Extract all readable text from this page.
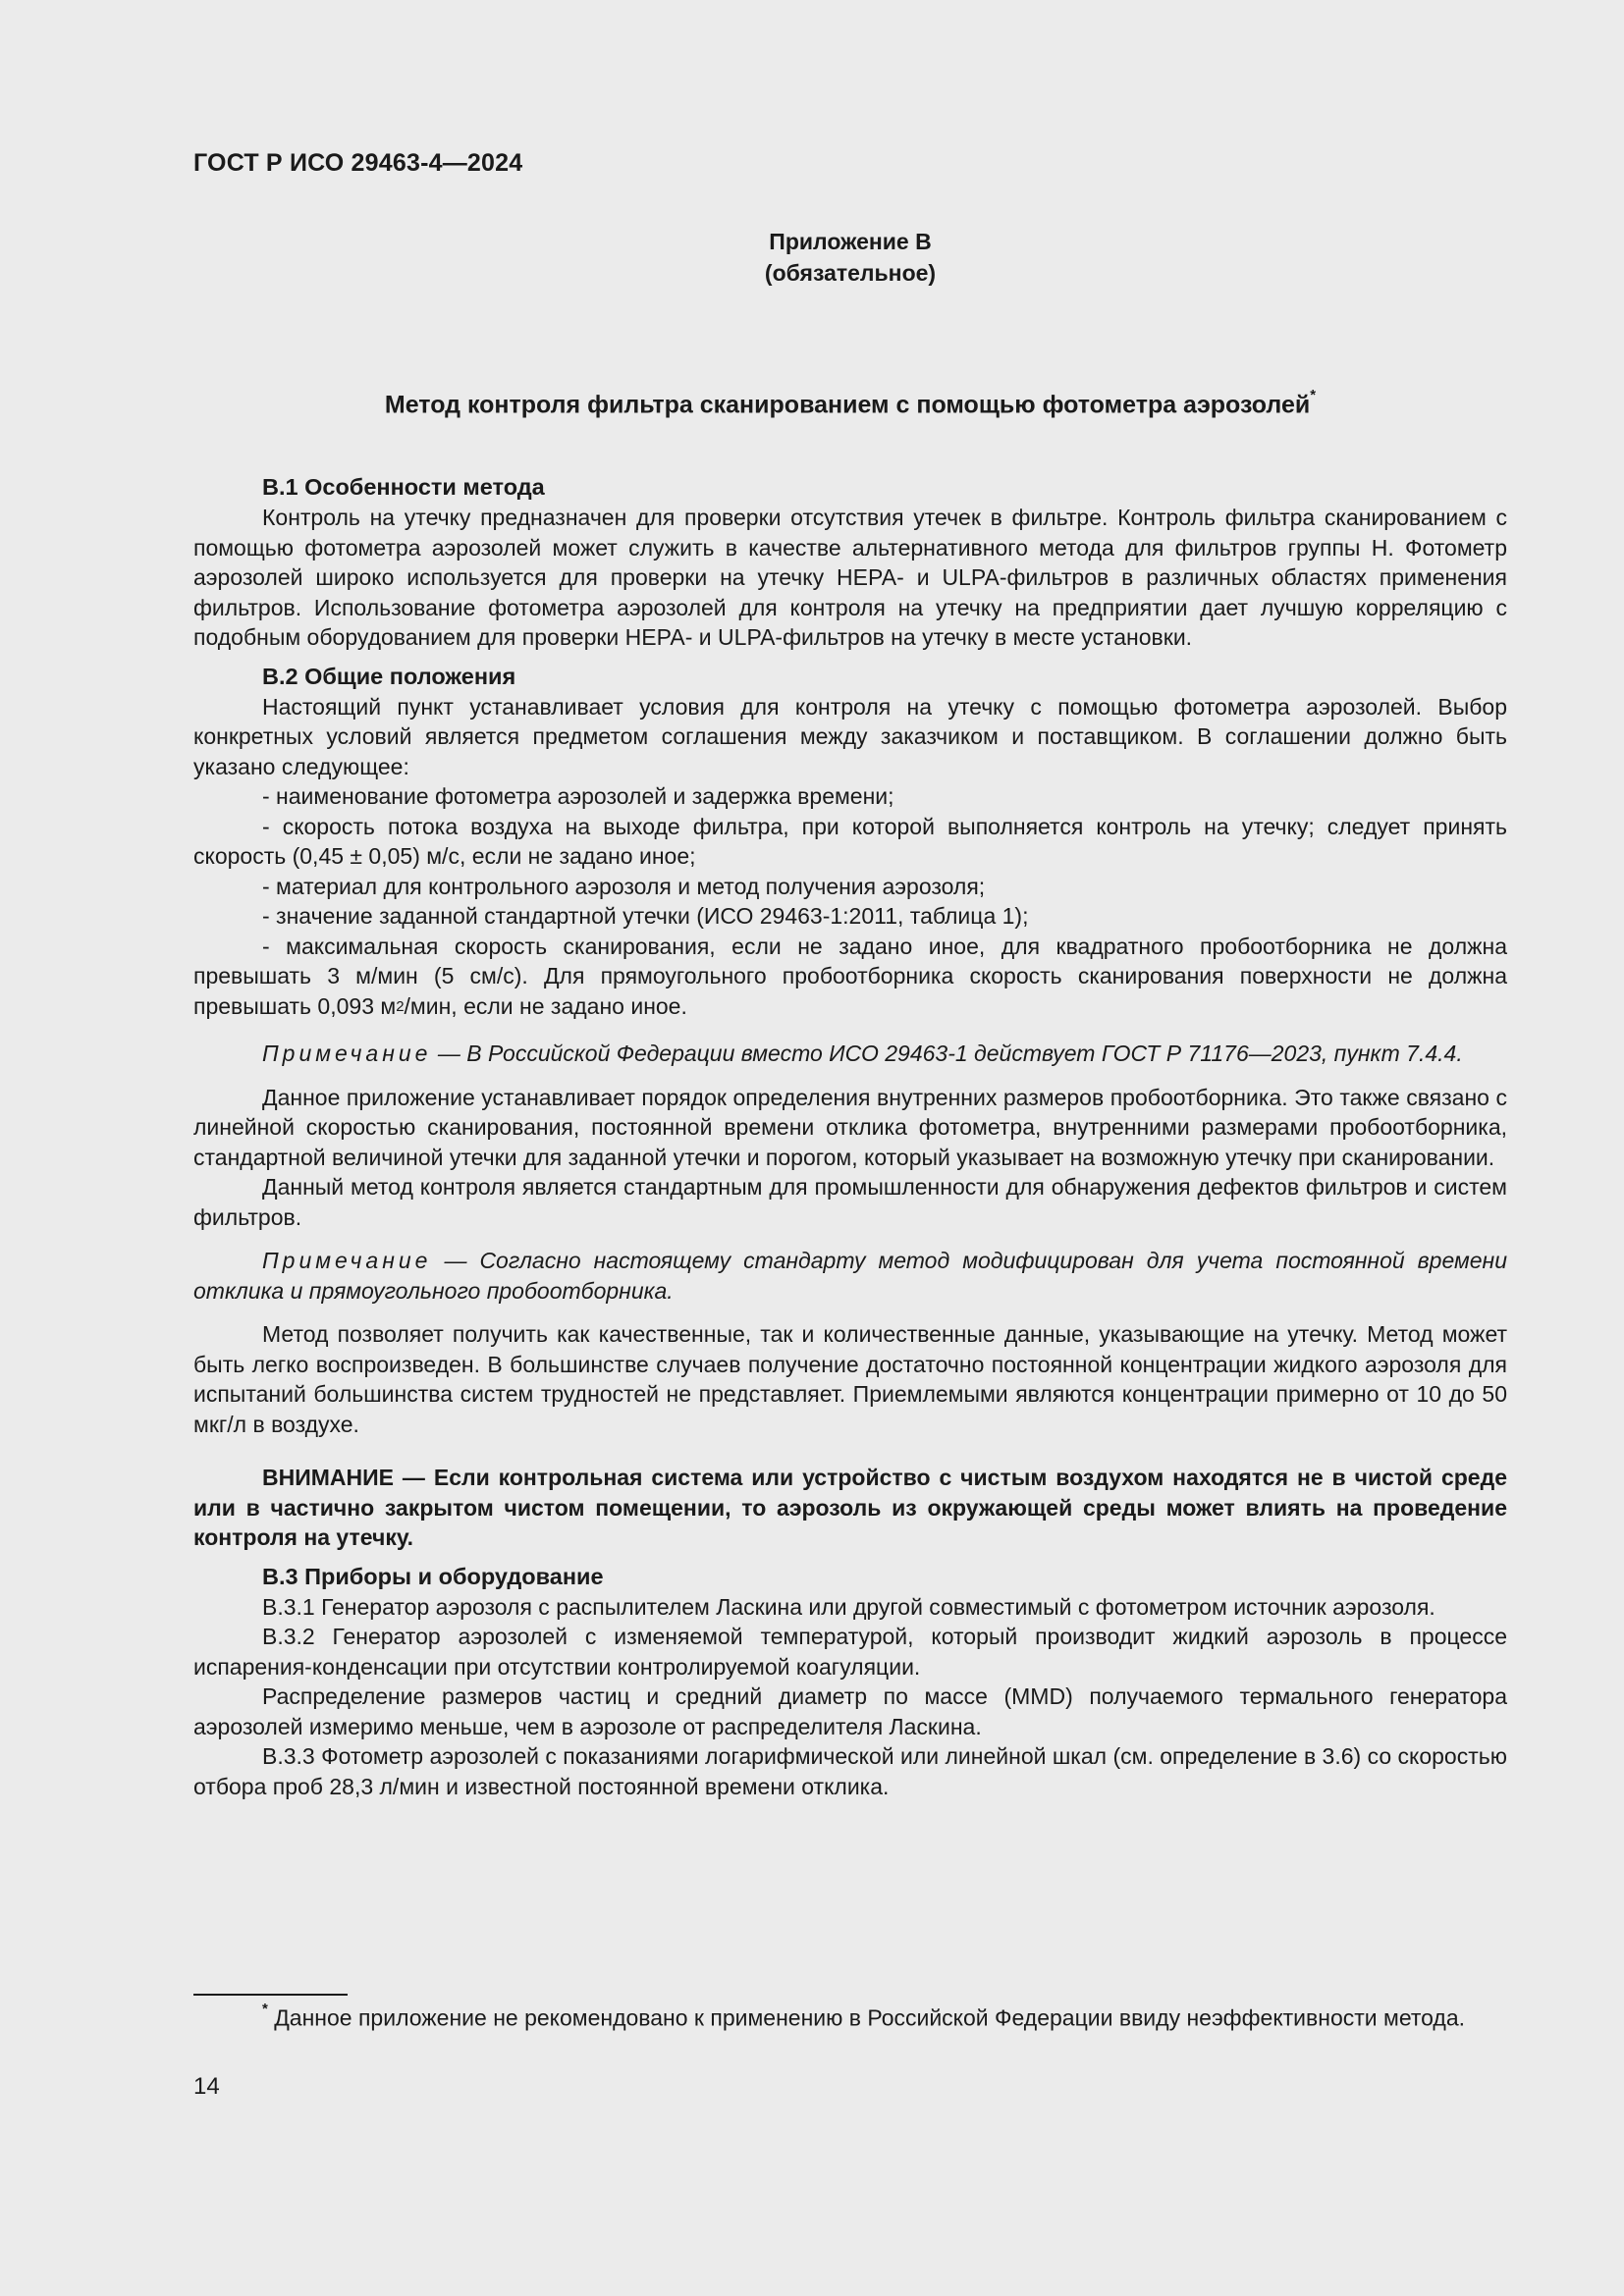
ГОСТ Р ИСО 29463-4—2024
Приложение В
(обязательное)
Метод контроля фильтра сканированием с помощью фотометра аэрозолей*
В.1 Особенности метода

Контроль на утечку предназначен для проверки отсутствия утечек в фильтре. Контроль фильтра сканированием с помощью фотометра аэрозолей может служить в качестве альтернативного метода для фильтров группы Н. Фотометр аэрозолей широко используется для проверки на утечку НЕРА- и ULPA-фильтров в различных областях применения фильтров. Использование фотометра аэрозолей для контроля на утечку на предприятии дает лучшую корреляцию с подобным оборудованием для проверки НЕРА- и ULPA-фильтров на утечку в месте установки.

В.2 Общие положения

Настоящий пункт устанавливает условия для контроля на утечку с помощью фотометра аэрозолей. Выбор конкретных условий является предметом соглашения между заказчиком и поставщиком. В соглашении должно быть указано следующее:

- наименование фотометра аэрозолей и задержка времени;

- скорость потока воздуха на выходе фильтра, при которой выполняется контроль на утечку; следует принять скорость (0,45 ± 0,05) м/с, если не задано иное;

- материал для контрольного аэрозоля и метод получения аэрозоля;

- значение заданной стандартной утечки (ИСО 29463-1:2011, таблица 1);

- максимальная скорость сканирования, если не задано иное, для квадратного пробоотборника не должна превышать 3 м/мин (5 см/с). Для прямоугольного пробоотборника скорость сканирования поверхности не должна превышать 0,093 $м^2$/мин, если не задано иное.

Примечание — В Российской Федерации вместо ИСО 29463-1 действует ГОСТ Р 71176—2023, пункт 7.4.4.

Данное приложение устанавливает порядок определения внутренних размеров пробоотборника. Это также связано с линейной скоростью сканирования, постоянной времени отклика фотометра, внутренними размерами пробоотборника, стандартной величиной утечки для заданной утечки и порогом, который указывает на возможную утечку при сканировании.

Данный метод контроля является стандартным для промышленности для обнаружения дефектов фильтров и систем фильтров.

Примечание — Согласно настоящему стандарту метод модифицирован для учета постоянной времени отклика и прямоугольного пробоотборника.

Метод позволяет получить как качественные, так и количественные данные, указывающие на утечку. Метод может быть легко воспроизведен. В большинстве случаев получение достаточно постоянной концентрации жидкого аэрозоля для испытаний большинства систем трудностей не представляет. Приемлемыми являются концентрации примерно от 10 до 50 мкг/л в воздухе.

ВНИМАНИЕ — Если контрольная система или устройство с чистым воздухом находятся не в чистой среде или в частично закрытом чистом помещении, то аэрозоль из окружающей среды может влиять на проведение контроля на утечку.

В.3 Приборы и оборудование

В.3.1 Генератор аэрозоля с распылителем Ласкина или другой совместимый с фотометром источник аэрозоля.

В.3.2 Генератор аэрозолей с изменяемой температурой, который производит жидкий аэрозоль в процессе испарения-конденсации при отсутствии контролируемой коагуляции.

Распределение размеров частиц и средний диаметр по массе (MMD) получаемого термального генератора аэрозолей измеримо меньше, чем в аэрозоле от распределителя Ласкина.

В.3.3 Фотометр аэрозолей с показаниями логарифмической или линейной шкал (см. определение в 3.6) со скоростью отбора проб 28,3 л/мин и известной постоянной времени отклика.

* Данное приложение не рекомендовано к применению в Российской Федерации ввиду неэффективности метода.

14
